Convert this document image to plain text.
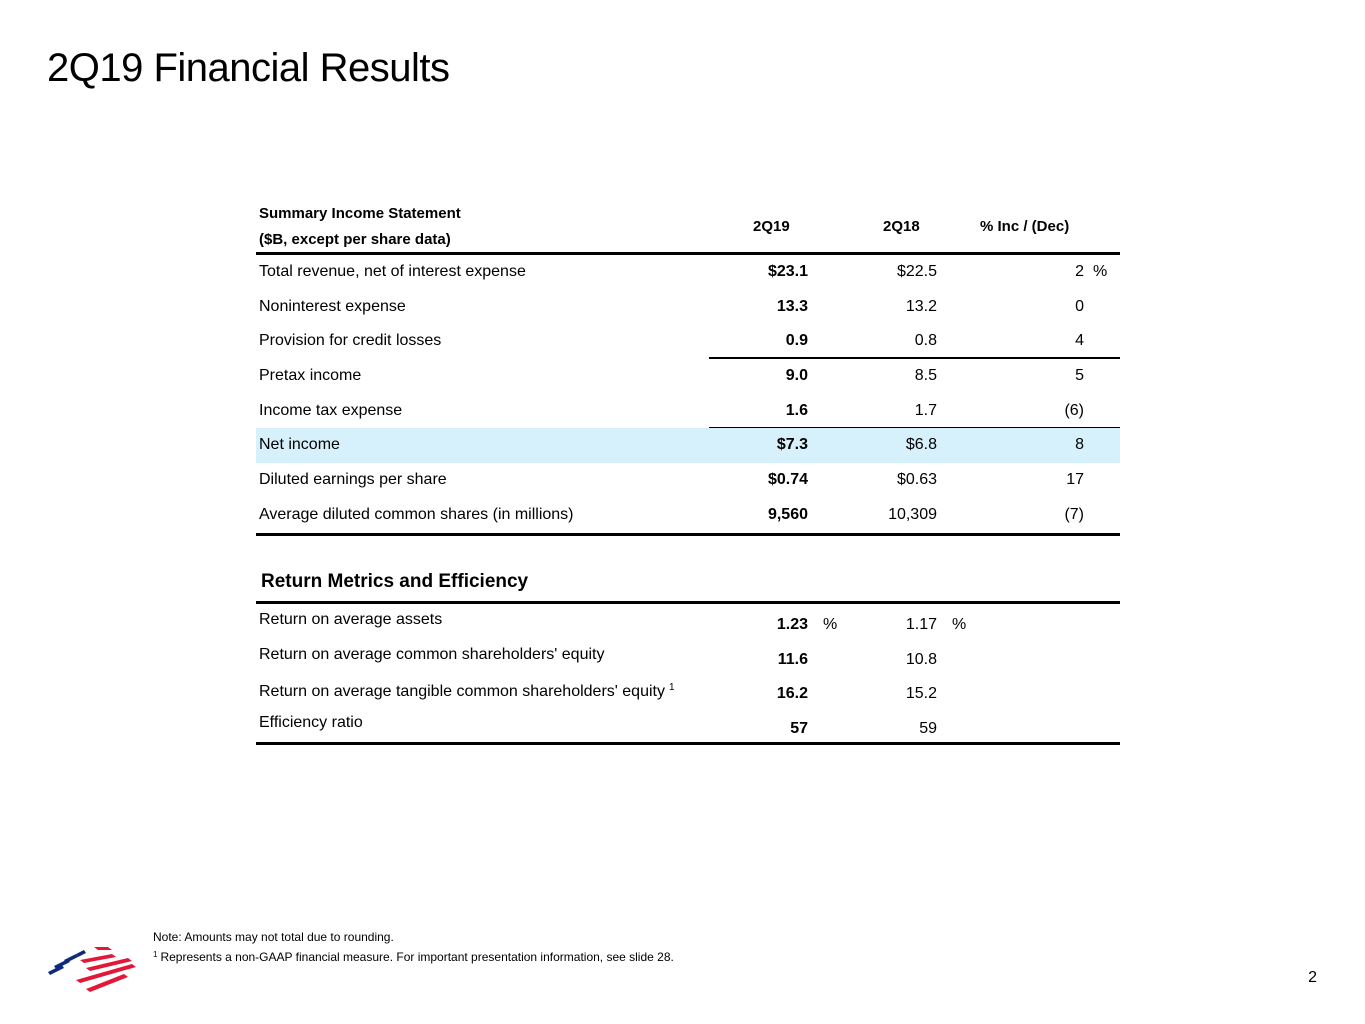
2Q19 Financial Results
Summary Income Statement
($B, except per share data)
2Q19	2Q18	% Inc / (Dec)
Total revenue, net of interest expense	$23.1	$22.5	2 %
Noninterest expense	13.3	13.2	0
Provision for credit losses	0.9	0.8	4
Pretax income	9.0	8.5	5
Income tax expense	1.6	1.7	(6)
Net income	$7.3	$6.8	8
Diluted earnings per share	$0.74	$0.63	17
Average diluted common shares (in millions)	9,560	10,309	(7)
Return Metrics and Efficiency
Return on average assets	1.23 %	1.17 %
Return on average common shareholders' equity	11.6	10.8
Return on average tangible common shareholders' equity $^1$	16.2	15.2
Efficiency ratio	57	59
Note: Amounts may not total due to rounding.
$^1$ Represents a non-GAAP financial measure. For important presentation information, see slide 28.
2
